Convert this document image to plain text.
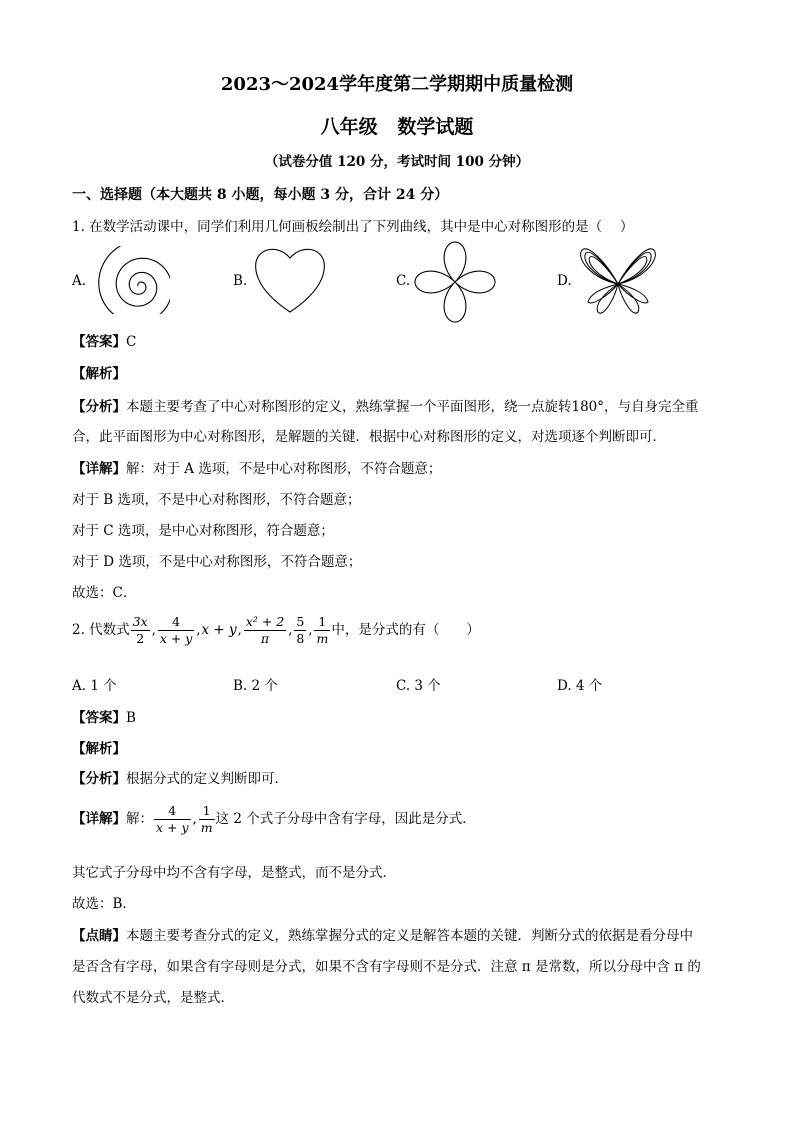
2023～2024学年度第二学期期中质量检测
八年级   数学试题
（试卷分值 120 分，考试时间 100 分钟）
一、选择题（本大题共 8 小题，每小题 3 分，合计 24 分）
1. 在数学活动课中，同学们利用几何画板绘制出了下列曲线，其中是中心对称图形的是（　 ）
A.	B.	C.	D.
【答案】C
【解析】
【分析】本题主要考查了中心对称图形的定义，熟练掌握一个平面图形，绕一点旋转180°，与自身完全重
合，此平面图形为中心对称图形，是解题的关键．根据中心对称图形的定义，对选项逐个判断即可．
【详解】解：对于 A 选项，不是中心对称图形，不符合题意；
对于 B 选项，不是中心对称图形，不符合题意；
对于 C 选项，是中心对称图形，符合题意；
对于 D 选项，不是中心对称图形，不符合题意；
故选：C．
2. 代数式 $\frac{3x}{2}$ , $\frac{4}{x + y} ,x + y$, $\frac{\text{x² + 2}}{\pi}$ , $\frac{5}{8}$ , $\frac{1}{m}$ 中，是分式的有（　　）
A. 1 个	B. 2 个	C. 3 个	D. 4 个
【答案】B
【解析】
【分析】根据分式的定义判断即可．
【详解】解： $\frac{4}{x + y}$ , $\frac{1}{m}$ 这 2 个式子分母中含有字母，因此是分式．
其它式子分母中均不含有字母，是整式，而不是分式．
故选：B．
【点睛】本题主要考查分式的定义，熟练掌握分式的定义是解答本题的关键．判断分式的依据是看分母中
是否含有字母，如果含有字母则是分式，如果不含有字母则不是分式．注意 π 是常数，所以分母中含 π 的
代数式不是分式，是整式．
